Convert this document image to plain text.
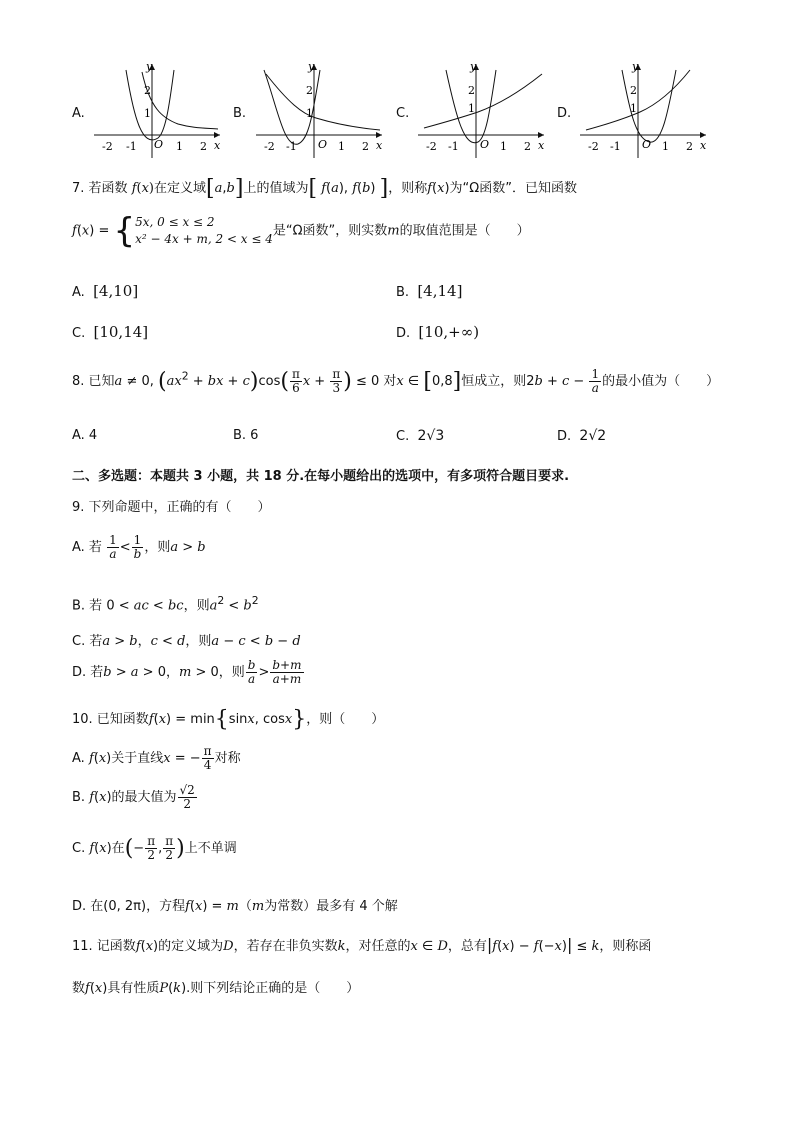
A.	B.	C.	D.
y
x
O
-2 -1	1 2
2
1
y
x
O
-2 -1	1 2
2
1
y
x
O
-2 -1	1 2
2
1
y
x
O
-2 -1	1 2
2
1
7. 若函数 f(x)在定义域[a,b]上的值域为[ f(a), f(b) ]，则称f(x)为“Ω函数”．已知函数
f(x) = { 5x, 0 ≤ x ≤ 2
x² − 4x + m, 2 < x ≤ 4
是“Ω函数”，则实数m的取值范围是（　　）
A. [4,10]	B. [4,14]
C. [10,14]	D. [10,+∞)
8. 已知a ≠ 0, ($ax^2$ + bx + $c)\cos( \frac{\pi}{6}$ $x + \frac{\pi}{3}$ ) ≤ 0 对x ∈ [0,8]恒成立，则$2b + c - \frac{1}{a}$ 的最小值为（　　）
A. 4	B. 6	C. 2√3	D. 2√2
二、多选题：本题共 3 小题，共 18 分.在每小题给出的选项中，有多项符合题目要求.
9. 下列命题中，正确的有（　　）
A. 若 $\frac{1}{a} < \frac{1}{b}$ ，则a > b
B. 若 0 < ac < bc，则$a^2 < b^2$
C. 若a > b，c < d，则a − c < b − d
D. 若b > a > 0，m > 0，则 $\frac{b}{a} > \frac{b+m}{a+m}$
10. 已知函数f(x) = min{sinx, cosx}，则（　　）
A. f(x)关于直线x = − $\frac{\pi}{4}$ 对称
B. f(x)的最大值为 $\frac{√2}{2}$
C. f(x)在(− $\frac{\pi}{2}$ , $\frac{\pi}{2}$ )上不单调
D. 在(0, 2π)，方程f(x) = m（m为常数）最多有 4 个解
11. 记函数f(x)的定义域为D，若存在非负实数k，对任意的x ∈ D，总有|f(x) − f(−x)| ≤ k，则称函
数f(x)具有性质P(k).则下列结论正确的是（　　）
